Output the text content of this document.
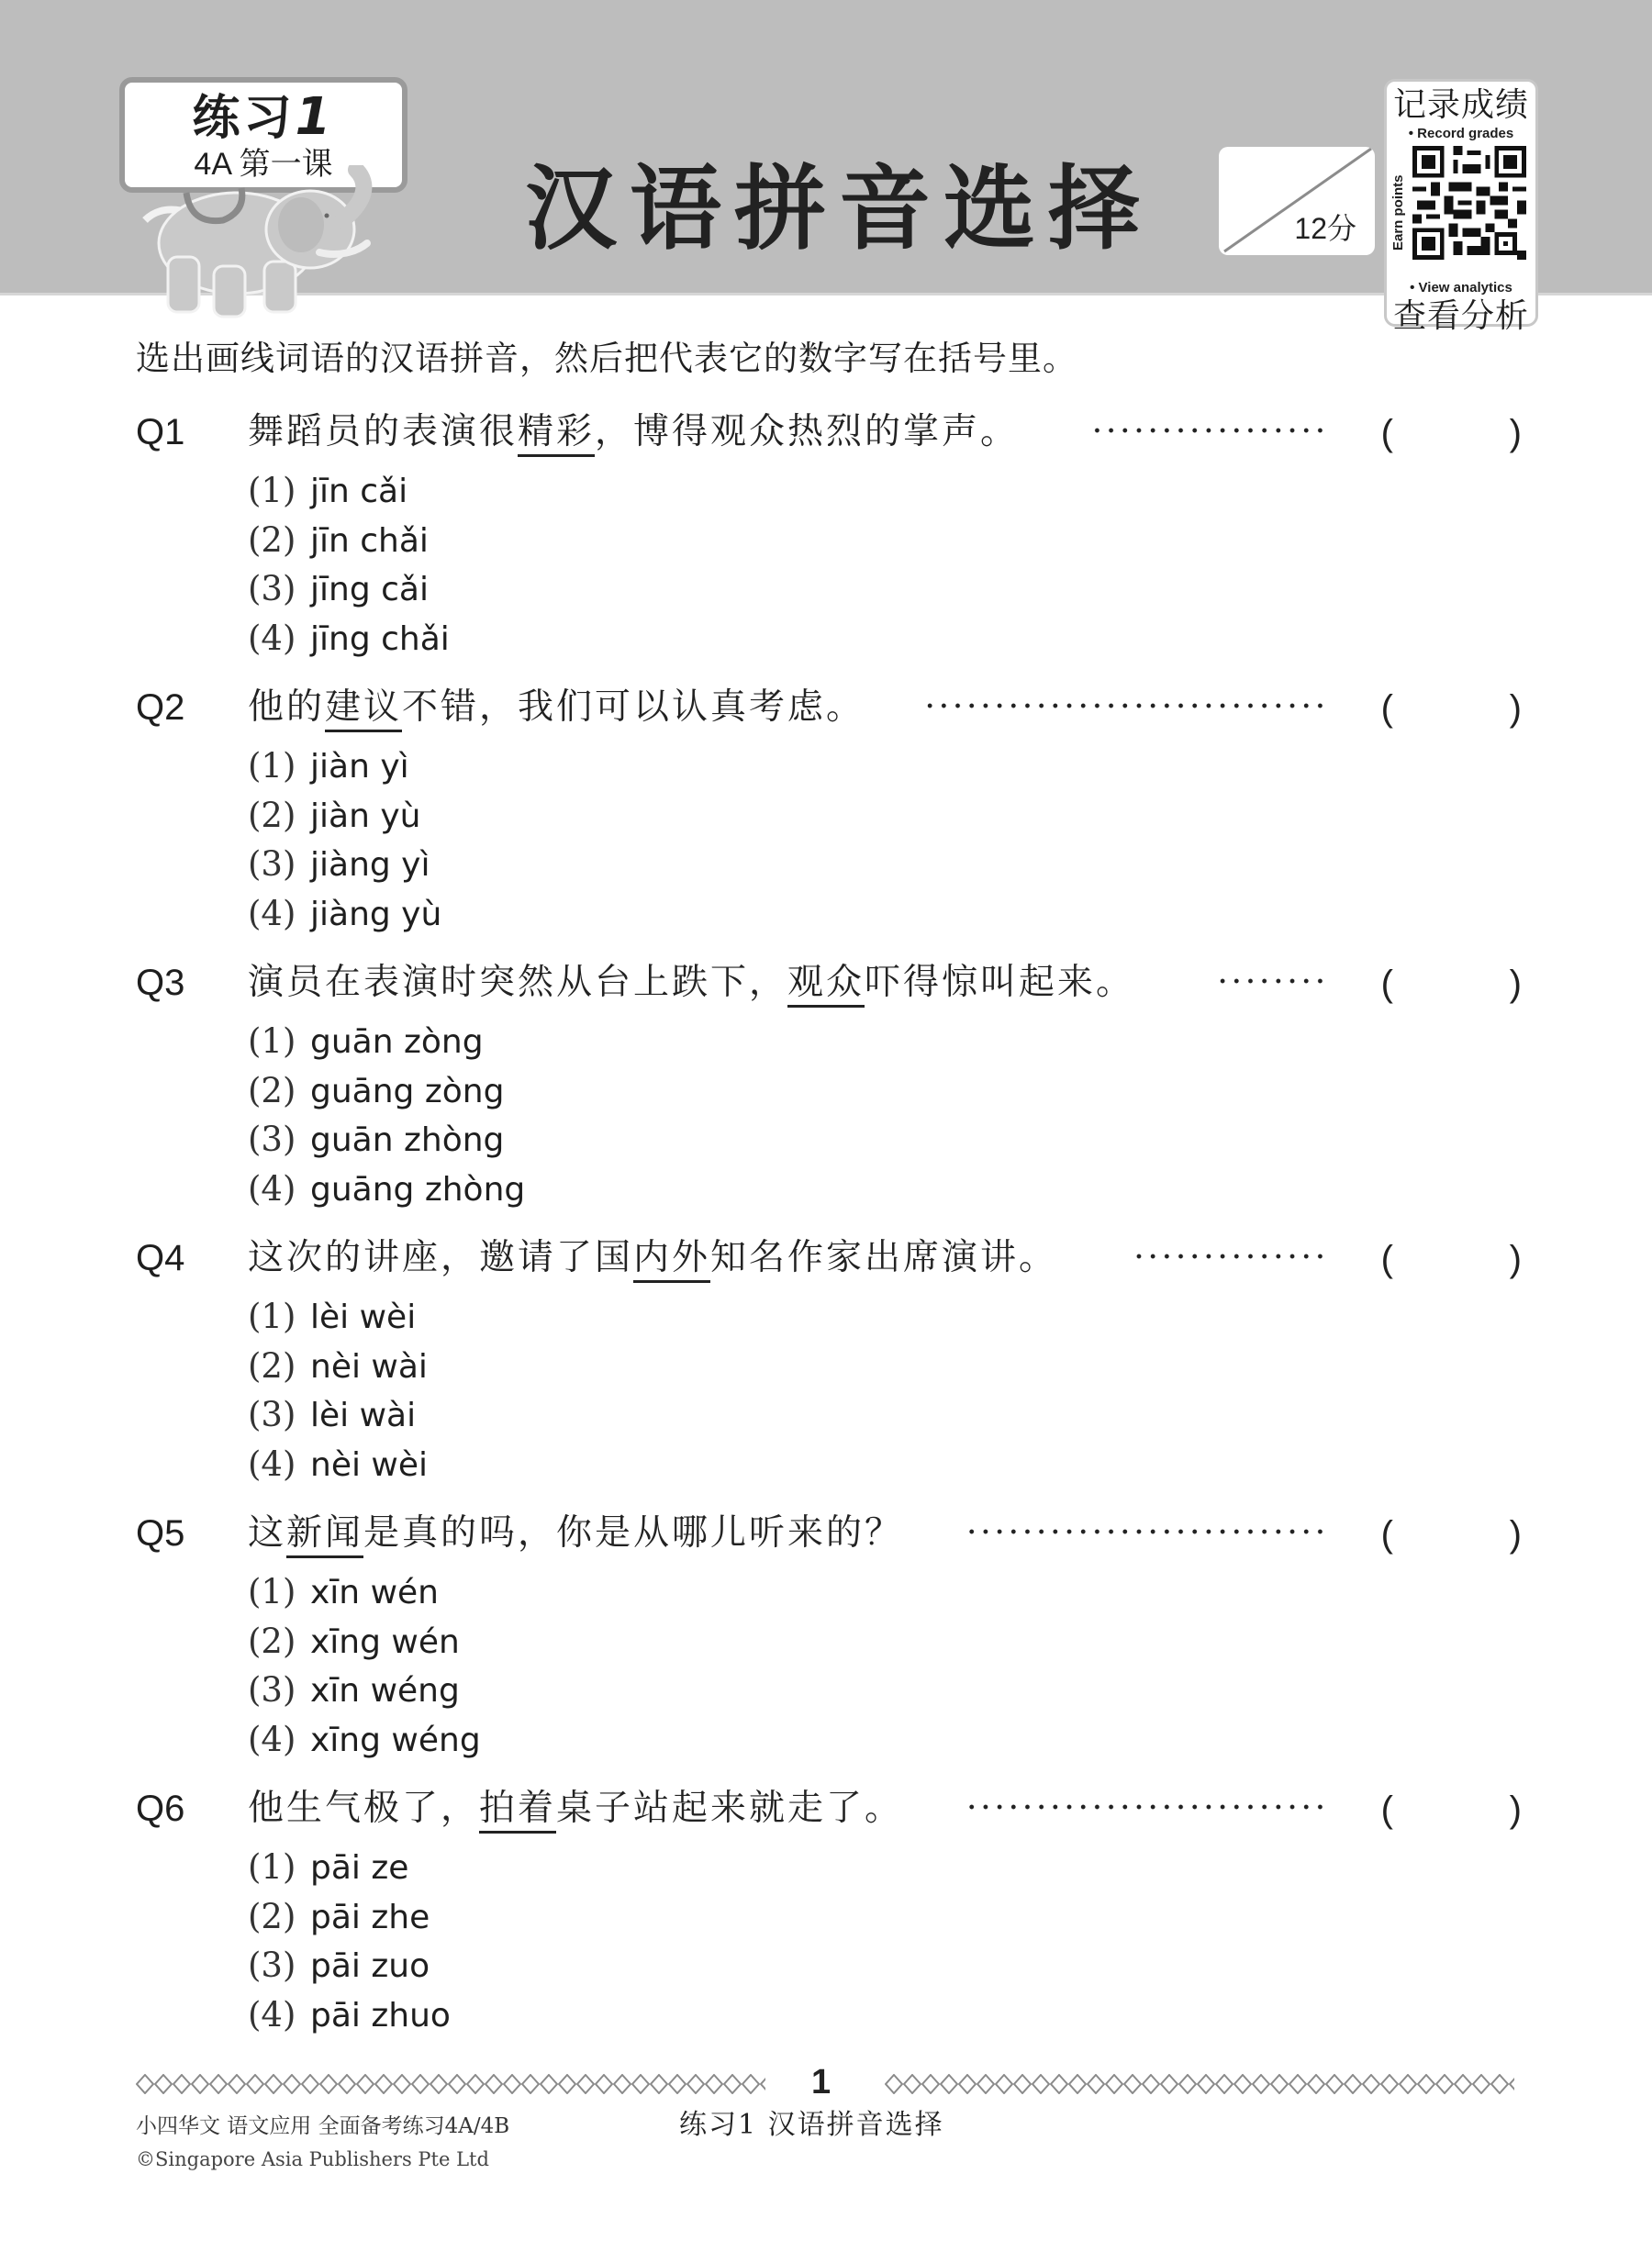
练习1
4A 第一课	汉语拼音选择	12分
记录成绩
• Record grades
Earn points
• View analytics
查看分析
选出画线词语的汉语拼音，然后把代表它的数字写在括号里。
Q1 舞蹈员的表演很精彩，博得观众热烈的掌声。	(	)
(1) jīn cǎi
(2) jīn chǎi
(3) jīng cǎi
(4) jīng chǎi
Q2 他的建议不错，我们可以认真考虑。	(	)
(1) jiàn yì
(2) jiàn yù
(3) jiàng yì
(4) jiàng yù
Q3 演员在表演时突然从台上跌下，观众吓得惊叫起来。	(	)
(1) guān zòng
(2) guāng zòng
(3) guān zhòng
(4) guāng zhòng
Q4 这次的讲座，邀请了国内外知名作家出席演讲。	(	)
(1) lèi wèi
(2) nèi wài
(3) lèi wài
(4) nèi wèi
Q5 这新闻是真的吗，你是从哪儿听来的？	(	)
(1) xīn wén
(2) xīng wén
(3) xīn wéng
(4) xīng wéng
Q6 他生气极了，拍着桌子站起来就走了。	(	)
(1) pāi ze
(2) pāi zhe
(3) pāi zuo
(4) pāi zhuo
1
小四华文 语文应用 全面备考练习4A/4B	练习1 汉语拼音选择
©Singapore Asia Publishers Pte Ltd
